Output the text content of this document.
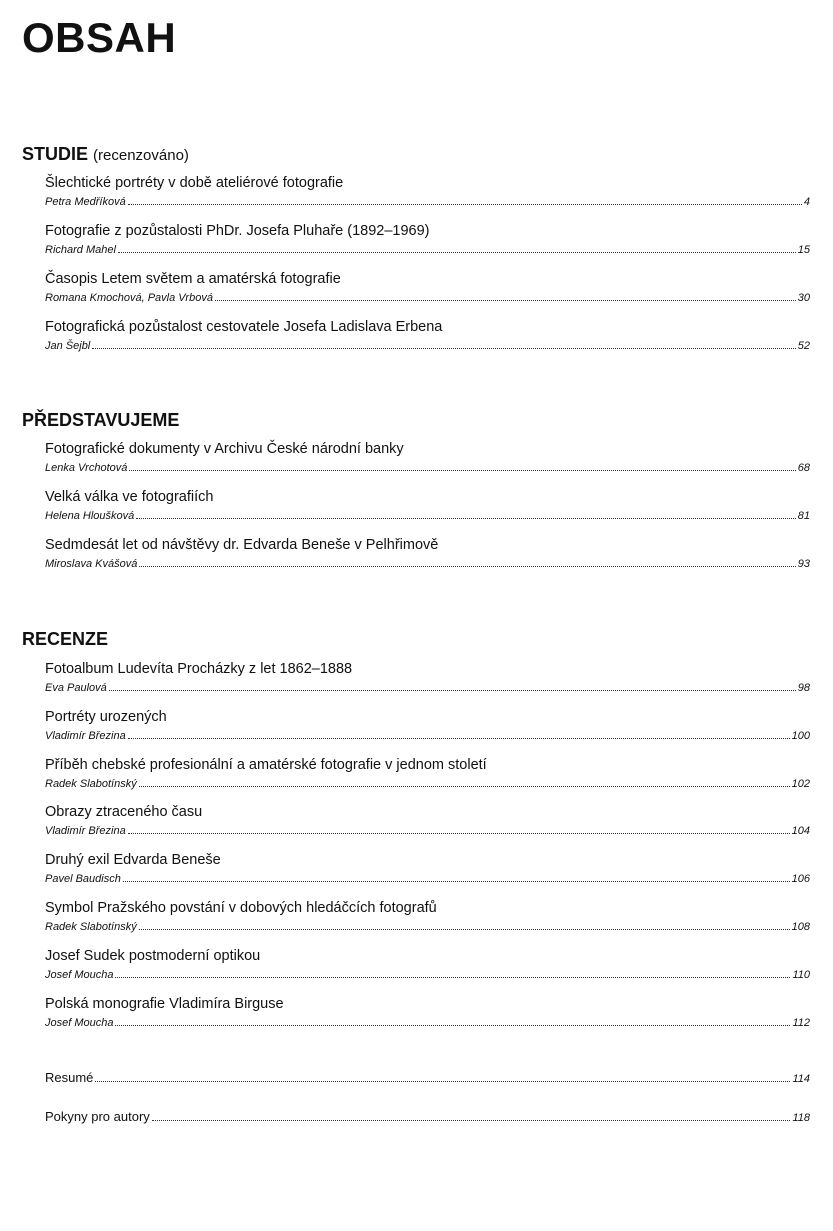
OBSAH
STUDIE (recenzováno)
Šlechtické portréty v době ateliérové fotografie
Petra Medříková	4
Fotografie z pozůstalosti PhDr. Josefa Pluhaře (1892–1969)
Richard Mahel	15
Časopis Letem světem a amatérská fotografie
Romana Kmochová, Pavla Vrbová	30
Fotografická pozůstalost cestovatele Josefa Ladislava Erbena
Jan Šejbl	52
PŘEDSTAVUJEME
Fotografické dokumenty v Archivu České národní banky
Lenka Vrchotová	68
Velká válka ve fotografiích
Helena Hloušková	81
Sedmdesát let od návštěvy dr. Edvarda Beneše v Pelhřimově
Miroslava Kvášová	93
RECENZE
Fotoalbum Ludevíta Procházky z let 1862–1888
Eva Paulová	98
Portréty urozených
Vladimír Březina	100
Příběh chebské profesionální a amatérské fotografie v jednom století
Radek Slabotínský	102
Obrazy ztraceného času
Vladimír Březina	104
Druhý exil Edvarda Beneše
Pavel Baudisch	106
Symbol Pražského povstání v dobových hledáčcích fotografů
Radek Slabotínský	108
Josef Sudek postmoderní optikou
Josef Moucha	110
Polská monografie Vladimíra Birguse
Josef Moucha	112
Resumé	114
Pokyny pro autory	118
